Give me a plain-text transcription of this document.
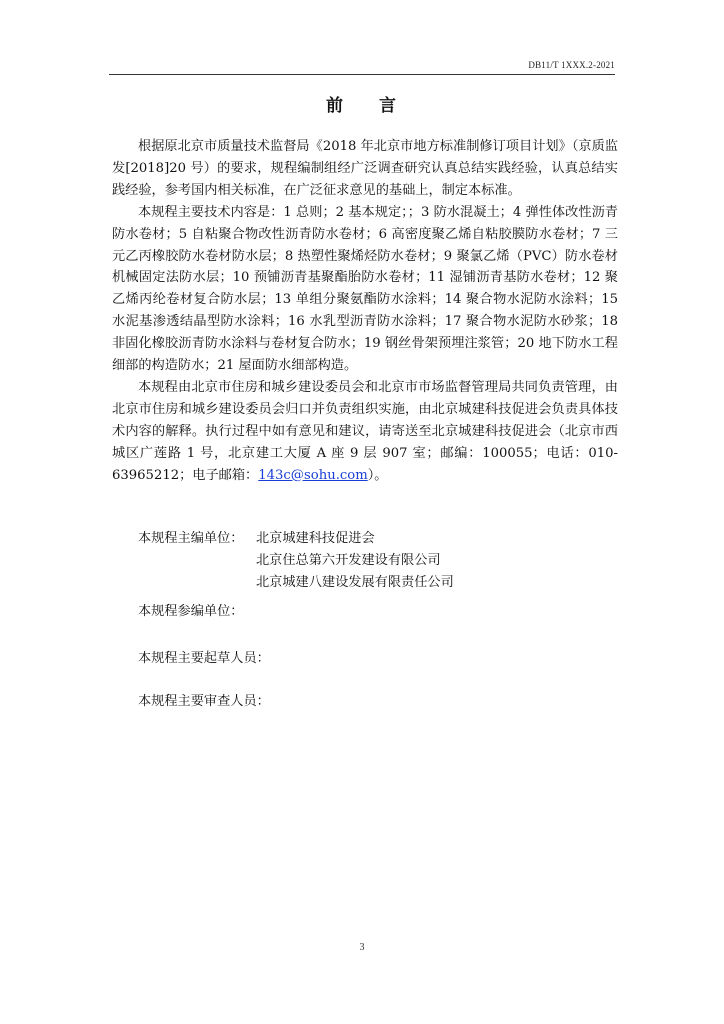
DB11/T 1XXX.2-2021
前 言

根据原北京市质量技术监督局《2018 年北京市地方标准制修订项目计划》（京质监发[2018]20 号）的要求，规程编制组经广泛调查研究认真总结实践经验，认真总结实践经验，参考国内相关标准，在广泛征求意见的基础上，制定本标准。

本规程主要技术内容是：1 总则；2 基本规定；；3 防水混凝土；4 弹性体改性沥青防水卷材；5 自粘聚合物改性沥青防水卷材；6 高密度聚乙烯自粘胶膜防水卷材；7 三元乙丙橡胶防水卷材防水层；8 热塑性聚烯烃防水卷材；9 聚氯乙烯（PVC）防水卷材机械固定法防水层；10 预铺沥青基聚酯胎防水卷材；11 湿铺沥青基防水卷材；12 聚乙烯丙纶卷材复合防水层；13 单组分聚氨酯防水涂料；14 聚合物水泥防水涂料；15 水泥基渗透结晶型防水涂料；16 水乳型沥青防水涂料；17 聚合物水泥防水砂浆；18 非固化橡胶沥青防水涂料与卷材复合防水；19 钢丝骨架预埋注浆管；20 地下防水工程细部的构造防水；21 屋面防水细部构造。

本规程由北京市住房和城乡建设委员会和北京市市场监督管理局共同负责管理，由北京市住房和城乡建设委员会归口并负责组织实施，由北京城建科技促进会负责具体技术内容的解释。执行过程中如有意见和建议，请寄送至北京城建科技促进会（北京市西城区广莲路 1 号，北京建工大厦 A 座 9 层 907 室；邮编：100055；电话：010-63965212；电子邮箱：143c@sohu.com）。

本规程主编单位： 北京城建科技促进会
北京住总第六开发建设有限公司
北京城建八建设发展有限责任公司
本规程参编单位：
本规程主要起草人员：
本规程主要审查人员：
3
